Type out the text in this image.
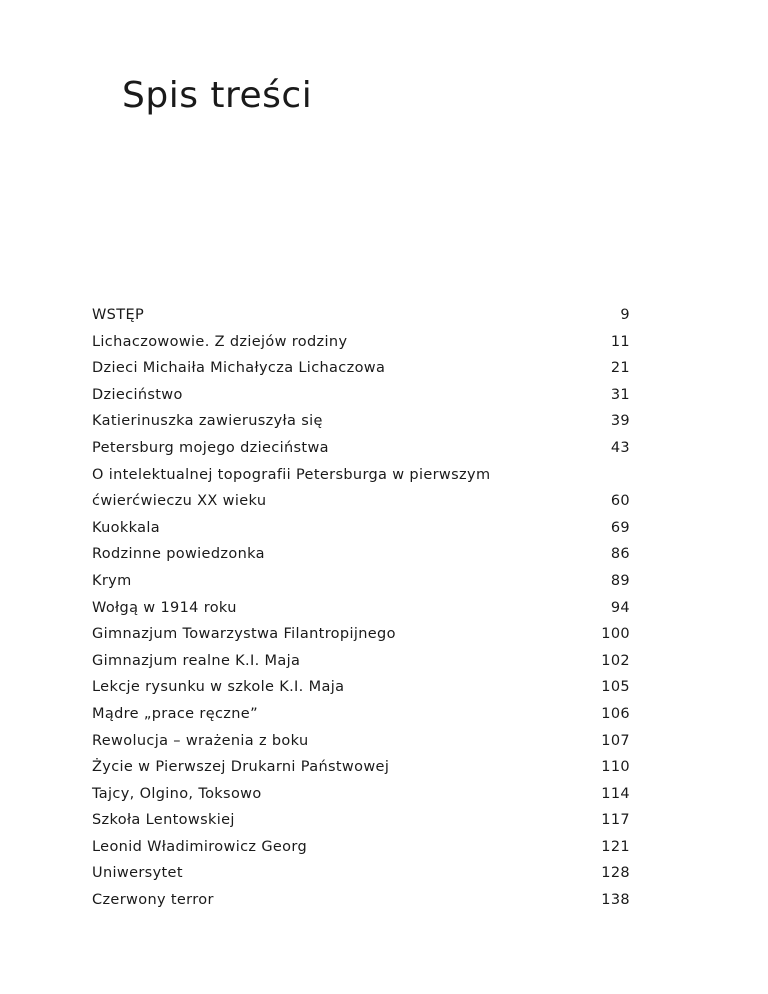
Spis treści
WSTĘP	9
Lichaczowowie. Z dziejów rodziny	11
Dzieci Michaiła Michałycza Lichaczowa	21
Dzieciństwo	31
Katierinuszka zawieruszyła się	39
Petersburg mojego dzieciństwa	43
O intelektualnej topografii Petersburga w pierwszym
ćwierćwieczu XX wieku	60
Kuokkala	69
Rodzinne powiedzonka	86
Krym	89
Wołgą w 1914 roku	94
Gimnazjum Towarzystwa Filantropijnego	100
Gimnazjum realne K.I. Maja	102
Lekcje rysunku w szkole K.I. Maja	105
Mądre „prace ręczne”	106
Rewolucja – wrażenia z boku	107
Życie w Pierwszej Drukarni Państwowej	110
Tajcy, Olgino, Toksowo	114
Szkoła Lentowskiej	117
Leonid Władimirowicz Georg	121
Uniwersytet	128
Czerwony terror	138
